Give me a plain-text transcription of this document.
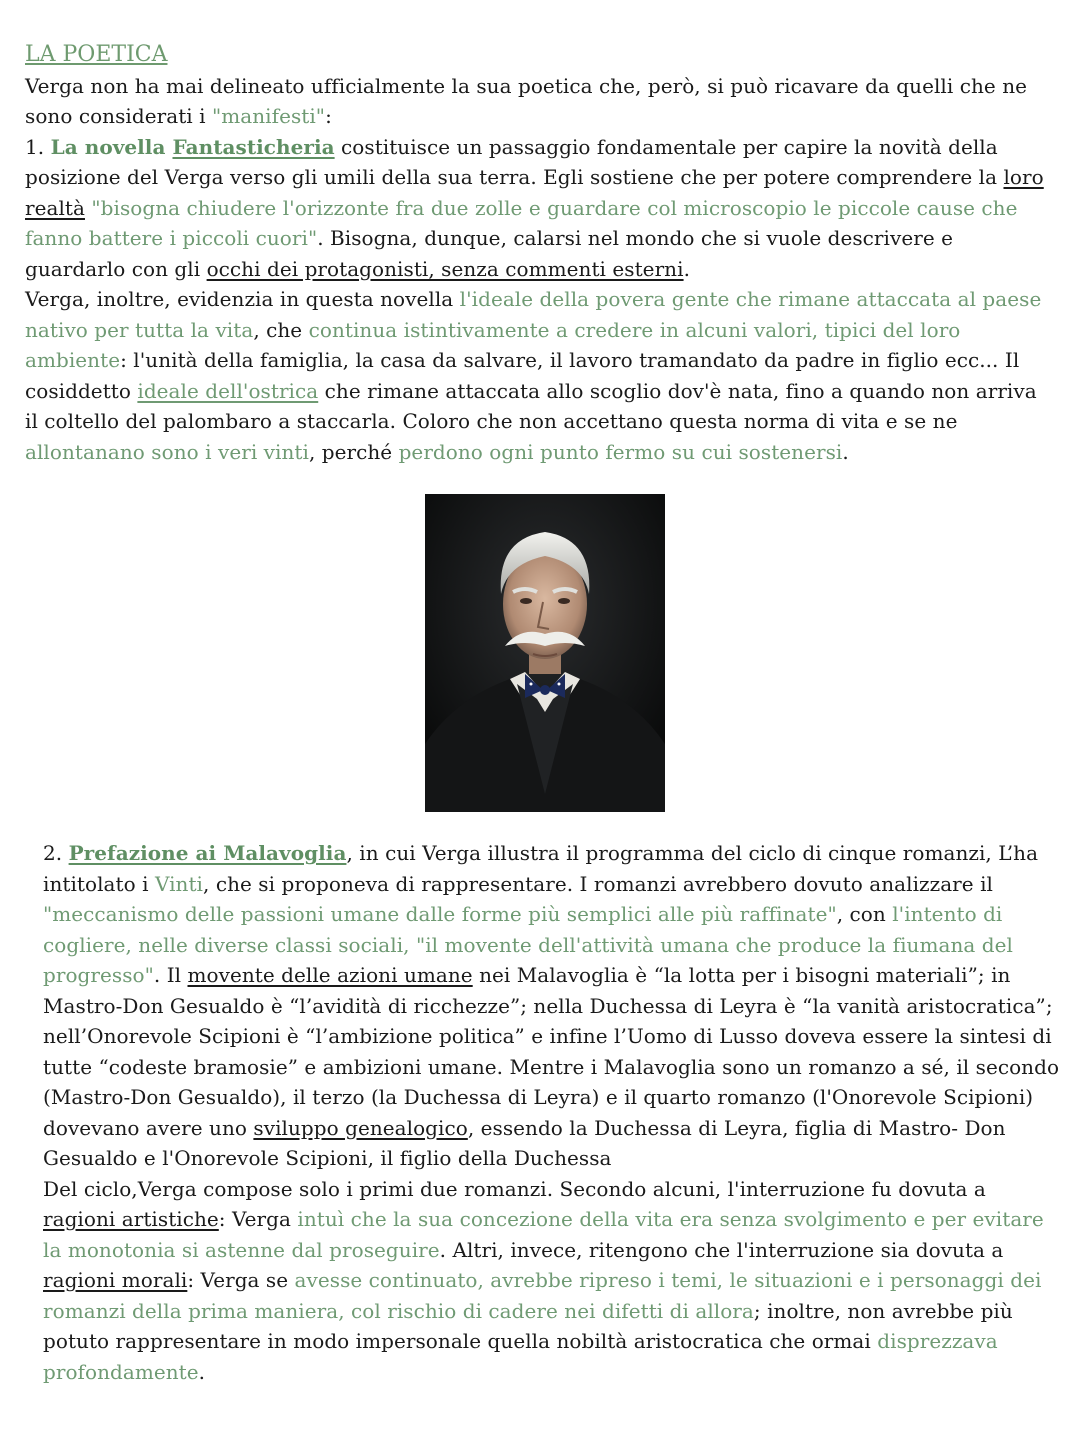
LA POETICA

Verga non ha mai delineato ufficialmente la sua poetica che, però, si può ricavare da quelli che ne sono considerati i "manifesti":
1. La novella Fantasticheria costituisce un passaggio fondamentale per capire la novità della posizione del Verga verso gli umili della sua terra. Egli sostiene che per potere comprendere la loro realtà "bisogna chiudere l'orizzonte fra due zolle e guardare col microscopio le piccole cause che fanno battere i piccoli cuori". Bisogna, dunque, calarsi nel mondo che si vuole descrivere e guardarlo con gli occhi dei protagonisti, senza commenti esterni.
Verga, inoltre, evidenzia in questa novella l'ideale della povera gente che rimane attaccata al paese nativo per tutta la vita, che continua istintivamente a credere in alcuni valori, tipici del loro ambiente: l'unità della famiglia, la casa da salvare, il lavoro tramandato da padre in figlio ecc... Il cosiddetto ideale dell'ostrica che rimane attaccata allo scoglio dov'è nata, fino a quando non arriva il coltello del palombaro a staccarla. Coloro che non accettano questa norma di vita e se ne allontanano sono i veri vinti, perché perdono ogni punto fermo su cui sostenersi.

2. Prefazione ai Malavoglia, in cui Verga illustra il programma del ciclo di cinque romanzi, L’ha intitolato i Vinti, che si proponeva di rappresentare. I romanzi avrebbero dovuto analizzare il "meccanismo delle passioni umane dalle forme più semplici alle più raffinate", con l'intento di cogliere, nelle diverse classi sociali, "il movente dell'attività umana che produce la fiumana del progresso". Il movente delle azioni umane nei Malavoglia è “la lotta per i bisogni materiali”; in Mastro-Don Gesualdo è “l’avidità di ricchezze”; nella Duchessa di Leyra è “la vanità aristocratica”; nell’Onorevole Scipioni è “l’ambizione politica” e infine l’Uomo di Lusso doveva essere la sintesi di tutte “codeste bramosie” e ambizioni umane. Mentre i Malavoglia sono un romanzo a sé, il secondo (Mastro-Don Gesualdo), il terzo (la Duchessa di Leyra) e il quarto romanzo (l'Onorevole Scipioni) dovevano avere uno sviluppo genealogico, essendo la Duchessa di Leyra, figlia di Mastro- Don Gesualdo e l'Onorevole Scipioni, il figlio della Duchessa
Del ciclo,Verga compose solo i primi due romanzi. Secondo alcuni, l'interruzione fu dovuta a ragioni artistiche: Verga intuì che la sua concezione della vita era senza svolgimento e per evitare la monotonia si astenne dal proseguire. Altri, invece, ritengono che l'interruzione sia dovuta a ragioni morali: Verga se avesse continuato, avrebbe ripreso i temi, le situazioni e i personaggi dei romanzi della prima maniera, col rischio di cadere nei difetti di allora; inoltre, non avrebbe più potuto rappresentare in modo impersonale quella nobiltà aristocratica che ormai disprezzava profondamente.
